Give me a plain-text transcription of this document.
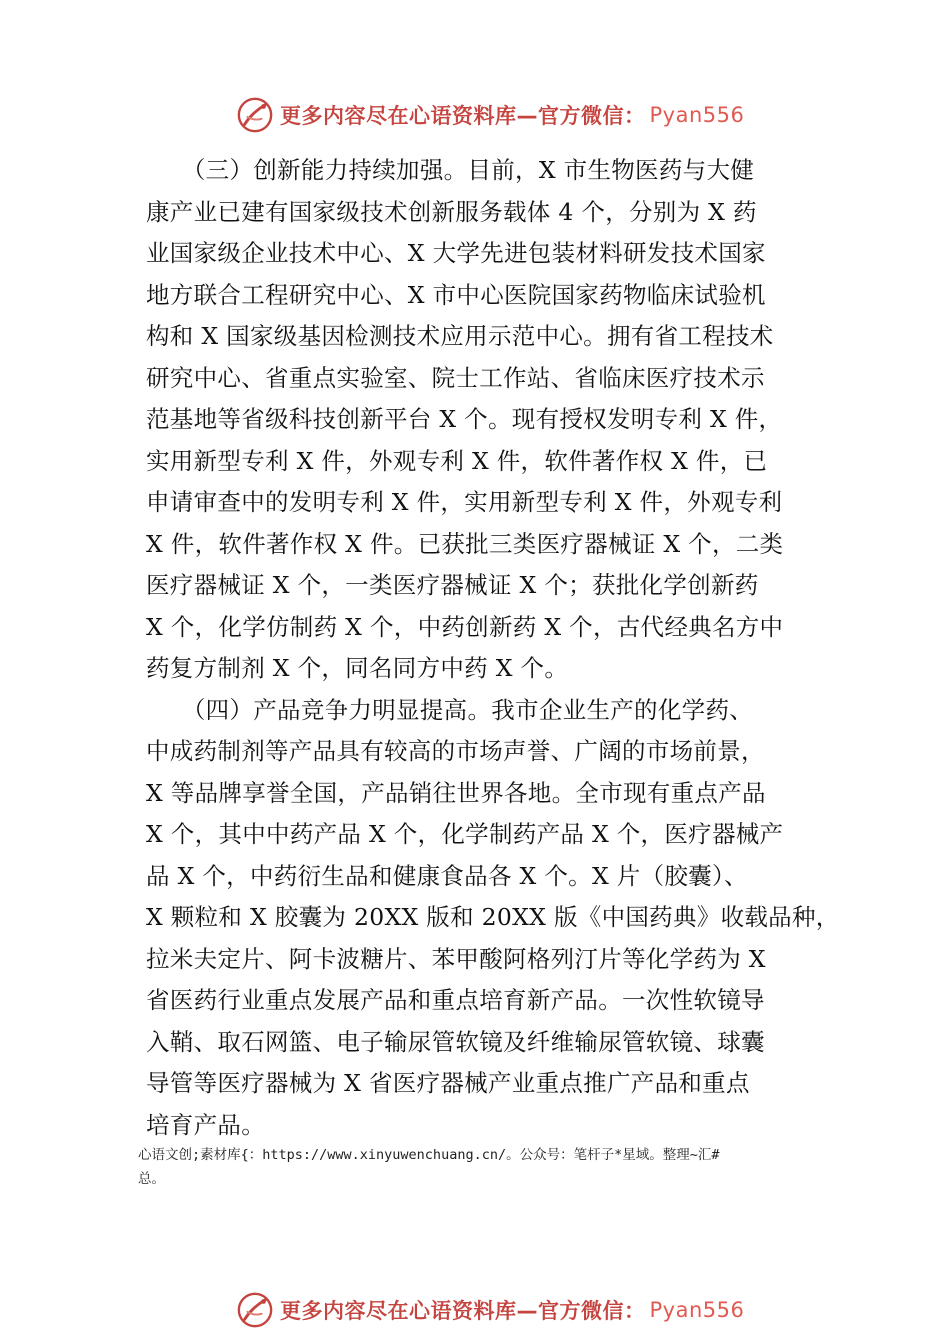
更多内容尽在心语资料库 —官方微信： Pyan556
　　（三）创新能力持续加强。目前，X 市生物医药与大健
康产业已建有国家级技术创新服务载体 4 个，分别为 X 药
业国家级企业技术中心、X 大学先进包装材料研发技术国家
地方联合工程研究中心、X 市中心医院国家药物临床试验机
构和 X 国家级基因检测技术应用示范中心。拥有省工程技术
研究中心、省重点实验室、院士工作站、省临床医疗技术示
范基地等省级科技创新平台 X 个。现有授权发明专利 X 件，
实用新型专利 X 件，外观专利 X 件，软件著作权 X 件，已
申请审查中的发明专利 X 件，实用新型专利 X 件，外观专利
X 件，软件著作权 X 件。已获批三类医疗器械证 X 个，二类
医疗器械证 X 个，一类医疗器械证 X 个；获批化学创新药
X 个，化学仿制药 X 个，中药创新药 X 个，古代经典名方中
药复方制剂 X 个，同名同方中药 X 个。
　　（四）产品竞争力明显提高。我市企业生产的化学药、
中成药制剂等产品具有较高的市场声誉、广阔的市场前景，
X 等品牌享誉全国，产品销往世界各地。全市现有重点产品
X 个，其中中药产品 X 个，化学制药产品 X 个，医疗器械产
品 X 个，中药衍生品和健康食品各 X 个。X 片（胶囊）、
X 颗粒和 X 胶囊为 20XX 版和 20XX 版《中国药典》收载品种，
拉米夫定片、阿卡波糖片、苯甲酸阿格列汀片等化学药为 X
省医药行业重点发展产品和重点培育新产品。一次性软镜导
入鞘、取石网篮、电子输尿管软镜及纤维输尿管软镜、球囊
导管等医疗器械为 X 省医疗器械产业重点推广产品和重点
培育产品。
心语文创;素材库{：https://www.xinyuwenchuang.cn/。公众号：笔杆子*星域。整理~汇#
总。
更多内容尽在心语资料库 —官方微信： Pyan556
